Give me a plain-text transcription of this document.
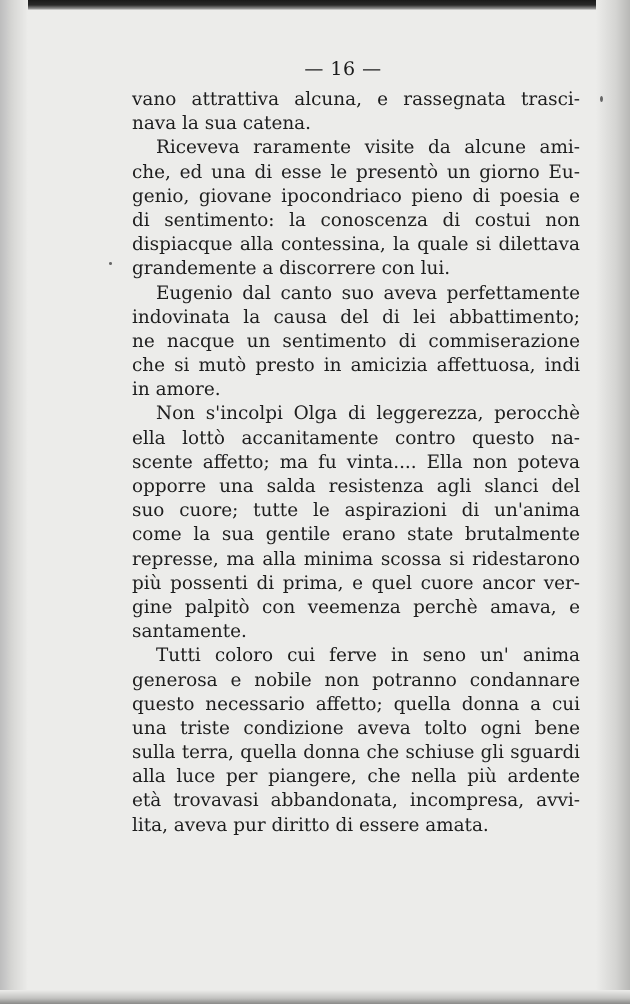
— 16 —
vano attrattiva alcuna, e rassegnata trasci-
nava la sua catena.
Riceveva raramente visite da alcune ami-
che, ed una di esse le presentò un giorno Eu-
genio, giovane ipocondriaco pieno di poesia e
di sentimento: la conoscenza di costui non
dispiacque alla contessina, la quale si dilettava
grandemente a discorrere con lui.
Eugenio dal canto suo aveva perfettamente
indovinata la causa del di lei abbattimento;
ne nacque un sentimento di commiserazione
che si mutò presto in amicizia affettuosa, indi
in amore.
Non s'incolpi Olga di leggerezza, perocchè
ella lottò accanitamente contro questo na-
scente affetto; ma fu vinta.... Ella non poteva
opporre una salda resistenza agli slanci del
suo cuore; tutte le aspirazioni di un'anima
come la sua gentile erano state brutalmente
represse, ma alla minima scossa si ridestarono
più possenti di prima, e quel cuore ancor ver-
gine palpitò con veemenza perchè amava, e
santamente.
Tutti coloro cui ferve in seno un' anima
generosa e nobile non potranno condannare
questo necessario affetto; quella donna a cui
una triste condizione aveva tolto ogni bene
sulla terra, quella donna che schiuse gli sguardi
alla luce per piangere, che nella più ardente
età trovavasi abbandonata, incompresa, avvi-
lita, aveva pur diritto di essere amata.
